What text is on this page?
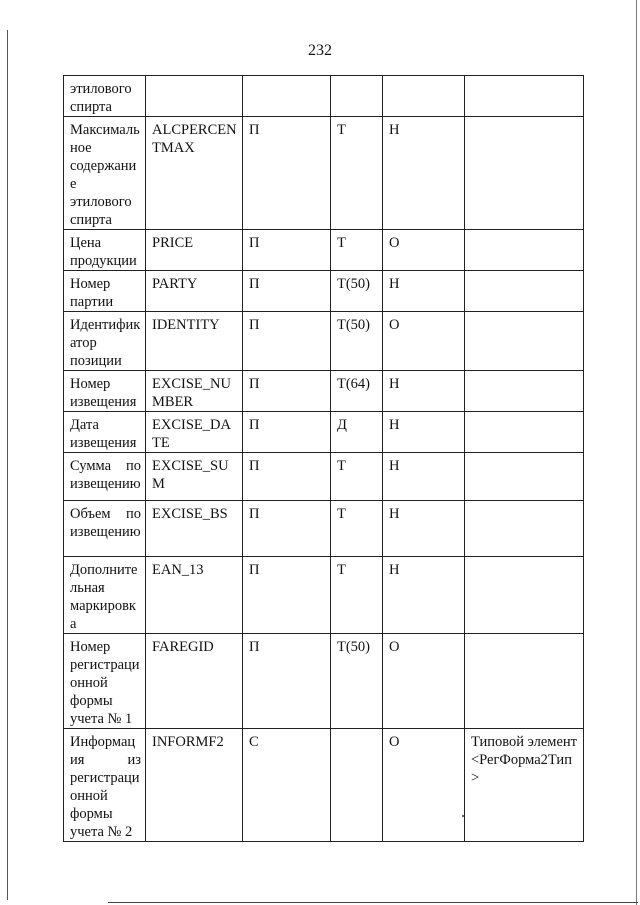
232
этилового спирта					
Максимальное содержание этилового спирта	ALCPERCENTMAX	П	Т	Н	
Цена продукции	PRICE	П	Т	О	
Номер партии	PARTY	П	Т(50)	Н	
Идентификатор позиции	IDENTITY	П	Т(50)	О	
Номер извещения	EXCISE_NUMBER	П	Т(64)	Н	
Дата извещения	EXCISE_DATE	П	Д	Н	
Сумма по извещению	EXCISE_SUM	П	Т	Н	
Объем по извещению	EXCISE_BS	П	Т	Н	
Дополнительная маркировка	EAN_13	П	Т	Н	
Номер регистрационной формы учета № 1	FAREGID	П	Т(50)	О	
Информация из регистрационной формы учета № 2	INFORMF2	С		О	Типовой элемент <РегФорма2Тип>
